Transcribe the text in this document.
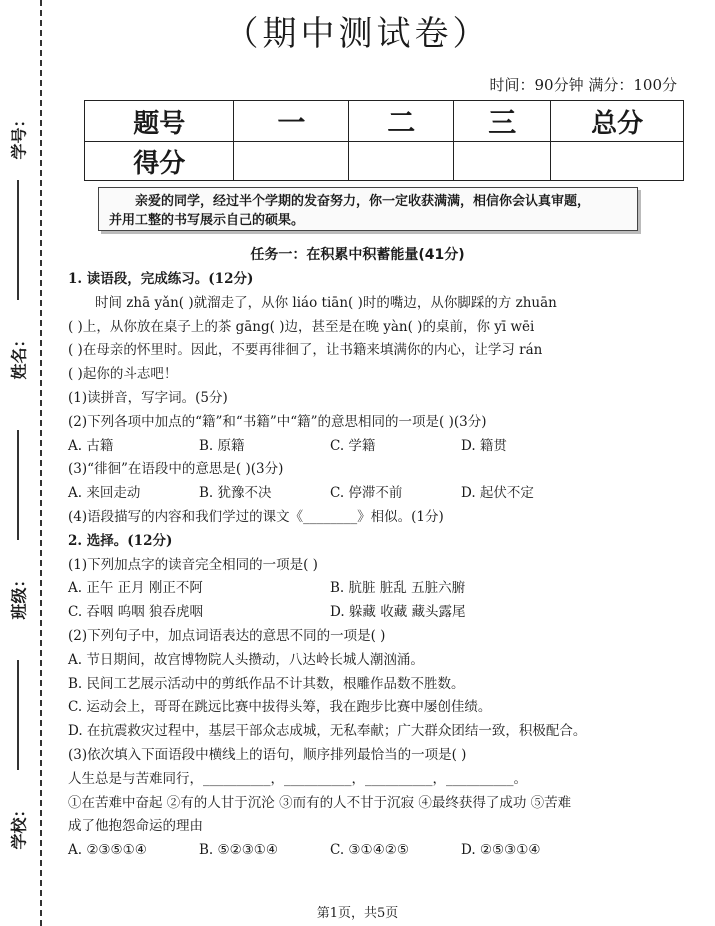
学号：
姓名：
班级：
学校：
（期中测试卷）
时间：90分钟 满分：100分
题号	一	二	三	总分
得分				

亲爱的同学，经过半个学期的发奋努力，你一定收获满满，相信你会认真审题，

并用工整的书写展示自己的硕果。
任务一：在积累中积蓄能量(41分)
1. 读语段，完成练习。(12分)
时间 zhā yǎn( )就溜走了，从你 liáo tiān( )时的嘴边，从你脚踩的方 zhuān
( )上，从你放在桌子上的茶 gāng( )边，甚至是在晚 yàn( )的桌前，你 yī wēi
( )在母亲的怀里时。因此，不要再徘徊了，让书籍来填满你的内心，让学习 rán
( )起你的斗志吧！
(1)读拼音，写字词。(5分)
(2)下列各项中加点的“籍”和“书籍”中“籍”的意思相同的一项是( )(3分)
A. 古籍	B. 原籍	C. 学籍	D. 籍贯
(3)“徘徊”在语段中的意思是( )(3分)
A. 来回走动	B. 犹豫不决	C. 停滞不前	D. 起伏不定
(4)语段描写的内容和我们学过的课文《________》相似。(1分)
2. 选择。(12分)
(1)下列加点字的读音完全相同的一项是( )
A. 正午 正月 刚正不阿	B. 肮脏 脏乱 五脏六腑
C. 吞咽 呜咽 狼吞虎咽	D. 躲藏 收藏 藏头露尾
(2)下列句子中，加点词语表达的意思不同的一项是( )
A. 节日期间，故宫博物院人头攒动，八达岭长城人潮汹涌。
B. 民间工艺展示活动中的剪纸作品不计其数，根雕作品数不胜数。
C. 运动会上，哥哥在跳远比赛中拔得头筹，我在跑步比赛中屡创佳绩。
D. 在抗震救灾过程中，基层干部众志成城，无私奉献；广大群众团结一致，积极配合。
(3)依次填入下面语段中横线上的语句，顺序排列最恰当的一项是( )
人生总是与苦难同行，__________，__________，__________，__________。
①在苦难中奋起 ②有的人甘于沉沦 ③而有的人不甘于沉寂 ④最终获得了成功 ⑤苦难
成了他抱怨命运的理由
A. ②③⑤①④	B. ⑤②③①④	C. ③①④②⑤	D. ②⑤③①④
第1页，共5页
